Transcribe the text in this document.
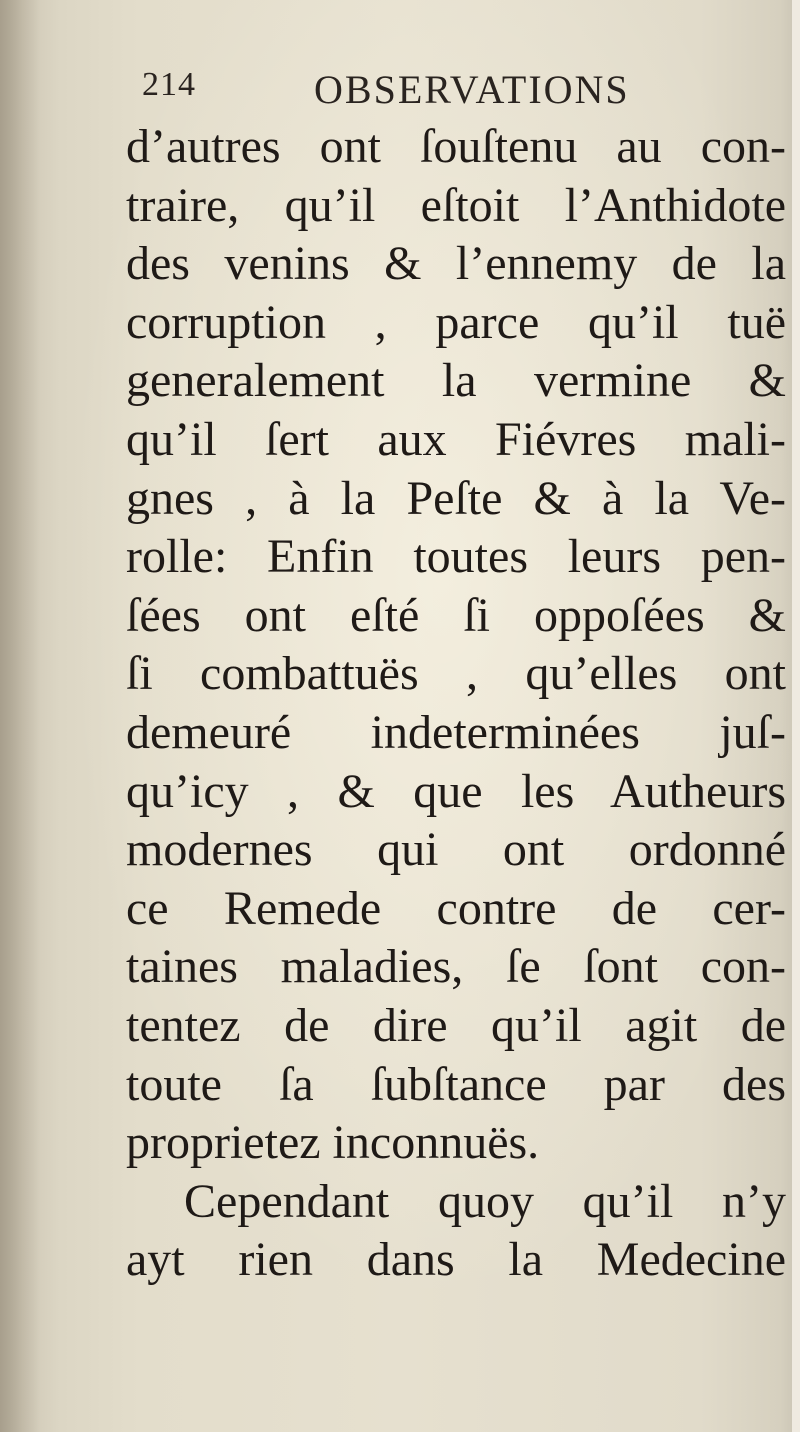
214	OBSERVATIONS
d’autres ont ſouſtenu au con-
traire, qu’il eſtoit l’Anthidote
des venins & l’ennemy de la
corruption , parce qu’il tuë
generalement la vermine &
qu’il ſert aux Fiévres mali-
gnes , à la Peſte & à la Ve-
rolle: Enfin toutes leurs pen-
ſées ont eſté ſi oppoſées &
ſi combattuës , qu’elles ont
demeuré indeterminées juſ-
qu’icy , & que les Autheurs
modernes qui ont ordonné
ce Remede contre de cer-
taines maladies, ſe ſont con-
tentez de dire qu’il agit de
toute ſa ſubſtance par des
proprietez inconnuës.
Cependant quoy qu’il n’y
ayt rien dans la Medecine
